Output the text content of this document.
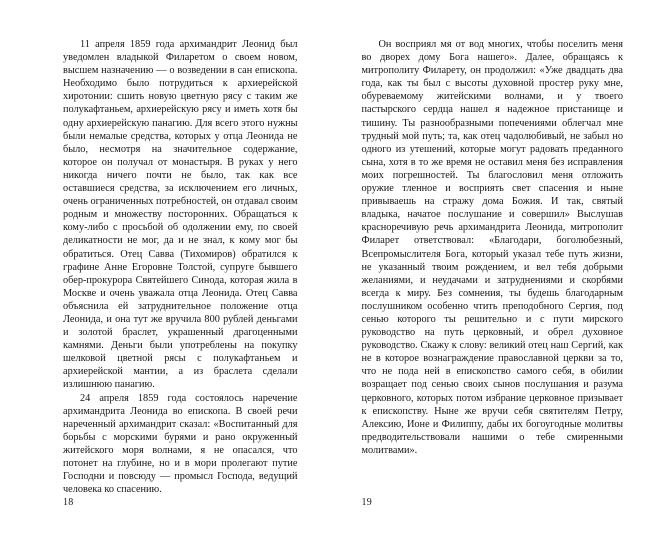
11 апреля 1859 года архимандрит Леонид был уведомлен владыкой Филаретом о своем новом, высшем назначению — о возведении в сан епископа. Необходимо было потрудиться к архиерейской хиротонии: сшить новую цветную рясу с таким же полукафтаньем, архиерейскую рясу и иметь хотя бы одну архиерейскую панагию. Для всего этого нужны были немалые средства, которых у отца Леонида не было, несмотря на значительное содержание, которое он получал от монастыря. В руках у него никогда ничего почти не было, так как все оставшиеся средства, за исключением его личных, очень ограниченных потребностей, он отдавал своим родным и множеству посторонних. Обращаться к кому-либо с просьбой об одолжении ему, по своей деликатности не мог, да и не знал, к кому мог бы обратиться. Отец Савва (Тихомиров) обратился к графине Анне Егоровне Толстой, супруге бывшего обер-прокурора Святейшего Синода, которая жила в Москве и очень уважала отца Леонида. Отец Савва объяснила ей затруднительное положение отца Леонида, и она тут же вручила 800 рублей деньгами и золотой браслет, украшенный драгоценными камнями. Деньги были употреблены на покупку шелковой цветной рясы с полукафтаньем и архиерейской мантии, а из браслета сделали излишнюю панагию.

24 апреля 1859 года состоялось наречение архимандрита Леонида во епископа. В своей речи нареченный архимандрит сказал: «Воспитанный для борьбы с морскими бурями и рано окруженный житейского моря волнами, я не опасался, что потонет на глубине, но и в мори пролегают путие Господни и повсюду — промысл Господа, ведущий человека ко спасению.

18

Он восприял мя от вод многих, чтобы поселить меня во дворех дому Бога нашего». Далее, обращаясь к митрополиту Филарету, он продолжил: «Уже двадцать два года, как ты был с высоты духовной простер руку мне, обуреваемому житейскими волнами, и у твоего пастырского сердца нашел я надежное пристанище и тишину. Ты разнообразными попечениями облегчал мне трудный мой путь; та, как отец чадолюбивый, не забыл но одного из утешений, которые могут радовать преданного сына, хотя в то же время не оставил меня без исправления моих погрешностей. Ты благословил меня отложить оружие тленное и восприять свет спасения и ныне привываешь на стражу дома Божия. И так, святый владыка, начатое послушание и совершил» Выслушав красноречивую речь архимандрита Леонида, митрополит Филарет ответствовал: «Благодари, боголюбезный, Всепромыслителя Бога, который указал тебе путь жизни, не указанный твоим рождением, и вел тебя добрыми желаниями, и неудачами и затруднениями и скорбями всегда к миру. Без сомнения, ты будешь благодарным послушником особенно чтить преподобного Сергия, под сенью которого ты решительно и с пути мирского руководство на путь церковный, и обрел духовное руководство. Скажу к слову: великий отец наш Сергий, как не в которое вознаграждение православной церкви за то, что не пода ней в епископство самого себя, в обилии возращает под сенью своих сынов послушания и разума церковного, которых потом избрание церковное призывает к епископству. Ныне же вручи себя святителям Петру, Алексию, Ионе и Филиппу, дабы их богоугодные молитвы предводительствовали нашими о тебе смиренными молитвами».

19
